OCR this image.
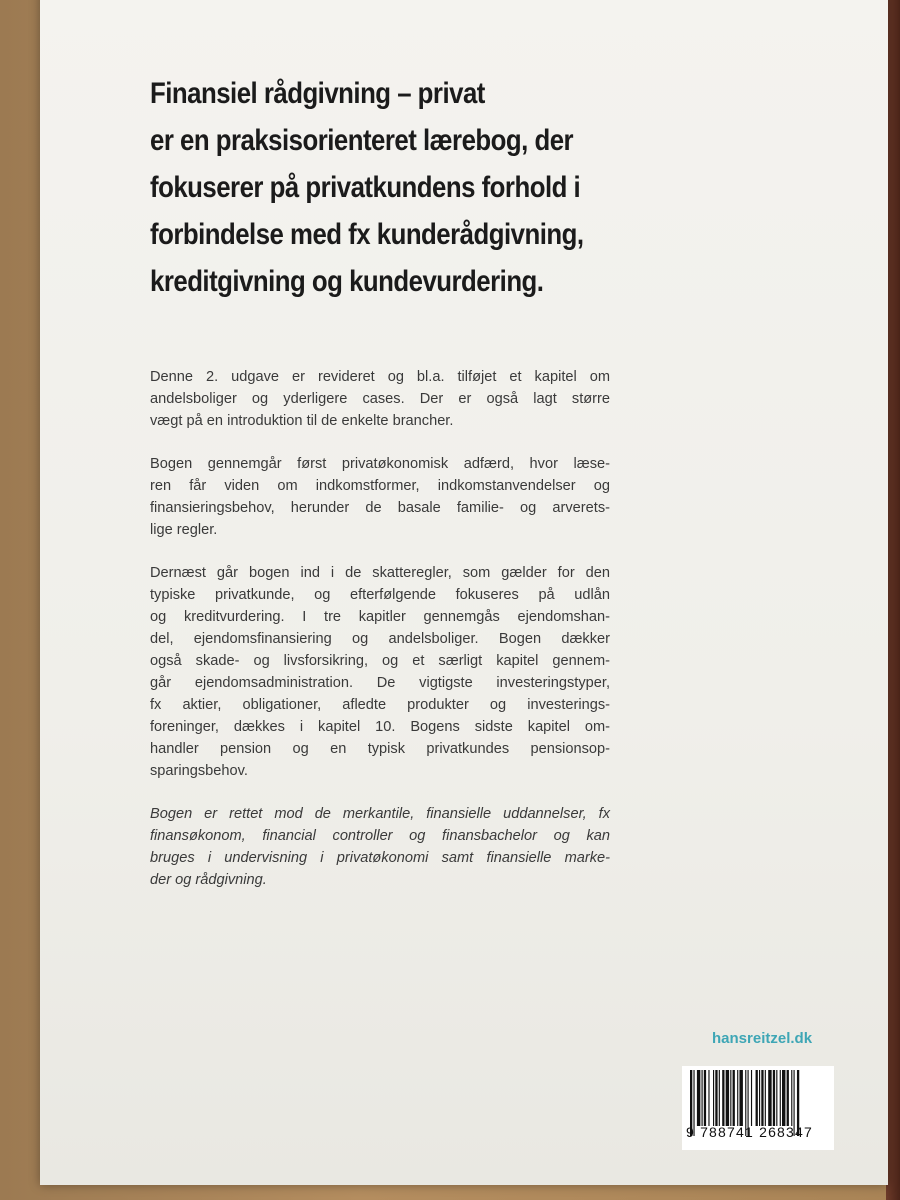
Finansiel rådgivning – privat
er en praksisorienteret lærebog, der
fokuserer på privatkundens forhold i
forbindelse med fx kunderådgivning,
kreditgivning og kundevurdering.
Denne 2. udgave er revideret og bl.a. tilføjet et kapitel om
andelsboliger og yderligere cases. Der er også lagt større
vægt på en introduktion til de enkelte brancher.
Bogen gennemgår først privatøkonomisk adfærd, hvor læse-
ren får viden om indkomstformer, indkomstanvendelser og
finansieringsbehov, herunder de basale familie- og arverets-
lige regler.
Dernæst går bogen ind i de skatteregler, som gælder for den
typiske privatkunde, og efterfølgende fokuseres på udlån
og kreditvurdering. I tre kapitler gennemgås ejendomshan-
del, ejendomsfinansiering og andelsboliger. Bogen dækker
også skade- og livsforsikring, og et særligt kapitel gennem-
går ejendomsadministration. De vigtigste investeringstyper,
fx aktier, obligationer, afledte produkter og investerings-
foreninger, dækkes i kapitel 10. Bogens sidste kapitel om-
handler pension og en typisk privatkundes pensionsop-
sparingsbehov.
Bogen er rettet mod de merkantile, finansielle uddannelser, fx
finansøkonom, financial controller og finansbachelor og kan
bruges i undervisning i privatøkonomi samt finansielle marke-
der og rådgivning.
hansreitzel.dk
9 788741 268347
